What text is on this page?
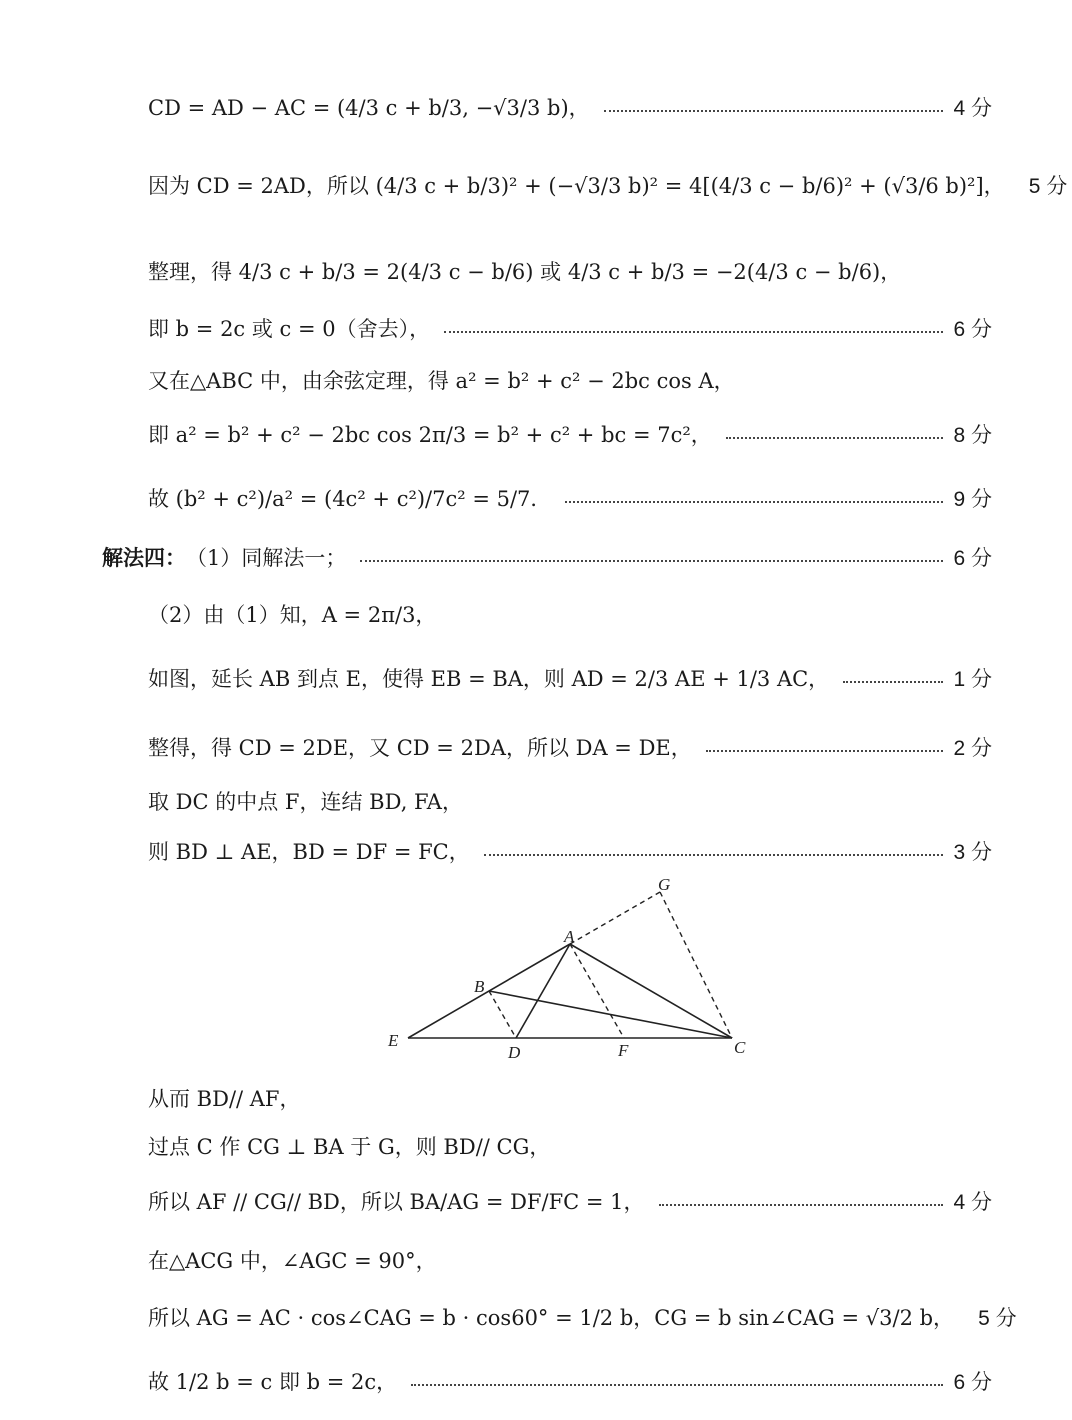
CD = AD − AC = (4/3 c + b/3, −√3/3 b)，	4 分
因为 CD = 2AD，所以 (4/3 c + b/3)² + (−√3/3 b)² = 4[(4/3 c − b/6)² + (√3/6 b)²]， 5 分
整理，得 4/3 c + b/3 = 2(4/3 c − b/6) 或 4/3 c + b/3 = −2(4/3 c − b/6)，
即 b = 2c 或 c = 0（舍去），	6 分
又在△ABC 中，由余弦定理，得 a² = b² + c² − 2bc cos A，
即 a² = b² + c² − 2bc cos 2π/3 = b² + c² + bc = 7c²，	8 分
故 (b² + c²)/a² = (4c² + c²)/7c² = 5/7．	9 分
解法四： （1）同解法一；	6 分
（2）由（1）知，A = 2π/3，
如图，延长 AB 到点 E，使得 EB = BA，则 AD = 2/3 AE + 1/3 AC，	1 分
整得，得 CD = 2DE，又 CD = 2DA，所以 DA = DE，	2 分
取 DC 的中点 F，连结 BD, FA，
则 BD ⊥ AE，BD = DF = FC，	3 分
G
A
B
E
D	F	C
从而 BD// AF，
过点 C 作 CG ⊥ BA 于 G，则 BD// CG，
所以 AF // CG// BD，所以 BA/AG = DF/FC = 1，	4 分
在△ACG 中，∠AGC = 90°，
所以 AG = AC · cos∠CAG = b · cos60° = 1/2 b，CG = b sin∠CAG = √3/2 b， 5 分
故 1/2 b = c 即 b = 2c，	6 分
